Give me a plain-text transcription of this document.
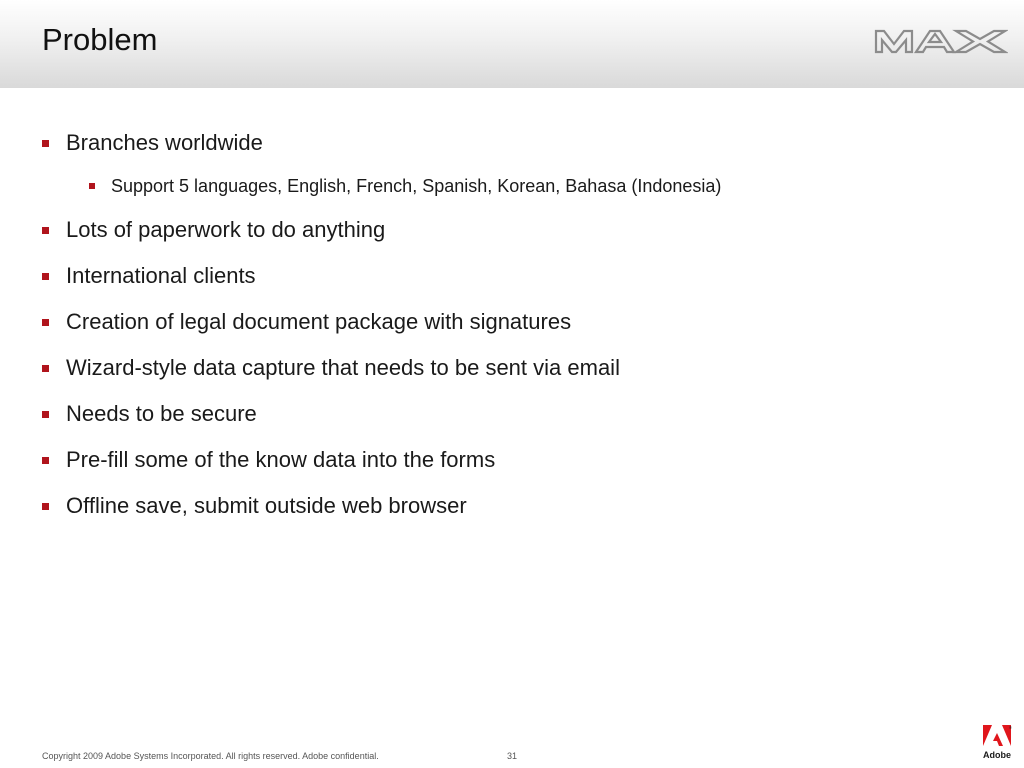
Problem
Branches worldwide
Support 5 languages, English, French, Spanish, Korean, Bahasa (Indonesia)
Lots of paperwork to do anything
International clients
Creation of legal document package with signatures
Wizard-style data capture that needs to be sent via email
Needs to be secure
Pre-fill some of the know data into the forms
Offline save, submit outside web browser
Copyright 2009 Adobe Systems Incorporated. All rights reserved. Adobe confidential.	31	Adobe
®
